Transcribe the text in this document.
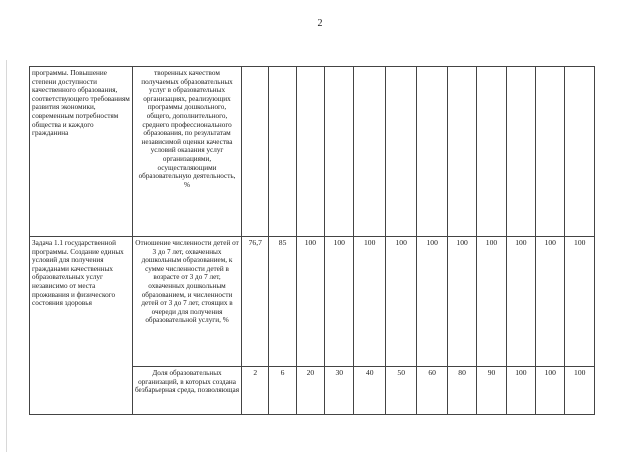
2
программы. Повышение степени доступности качественного образования, соответствующего требованиям развития экономики, современным потребностям общества и каждого гражданина	творенных качеством получаемых образовательных услуг в образовательных организациях, реализующих программы дошкольного, общего, дополнительного, среднего профессионального образования, по результатам независимой оценки качества условий оказания услуг организациями, осуществляющими образовательную деятельность, %												
Задача 1.1 государственной программы. Создание единых условий для получения гражданами качественных образовательных услуг независимо от места проживания и физического состояния здоровья	Отношение численности детей от 3 до 7 лет, охваченных дошкольным образованием, к сумме численности детей в возрасте от 3 до 7 лет, охваченных дошкольным образованием, и численности детей от 3 до 7 лет, стоящих в очереди для получения образовательной услуги, %	76,7	85	100	100	100	100	100	100	100	100	100	100
	Доля образовательных организаций, в которых создана безбарьерная среда, позволяющая	2	6	20	30	40	50	60	80	90	100	100	100
